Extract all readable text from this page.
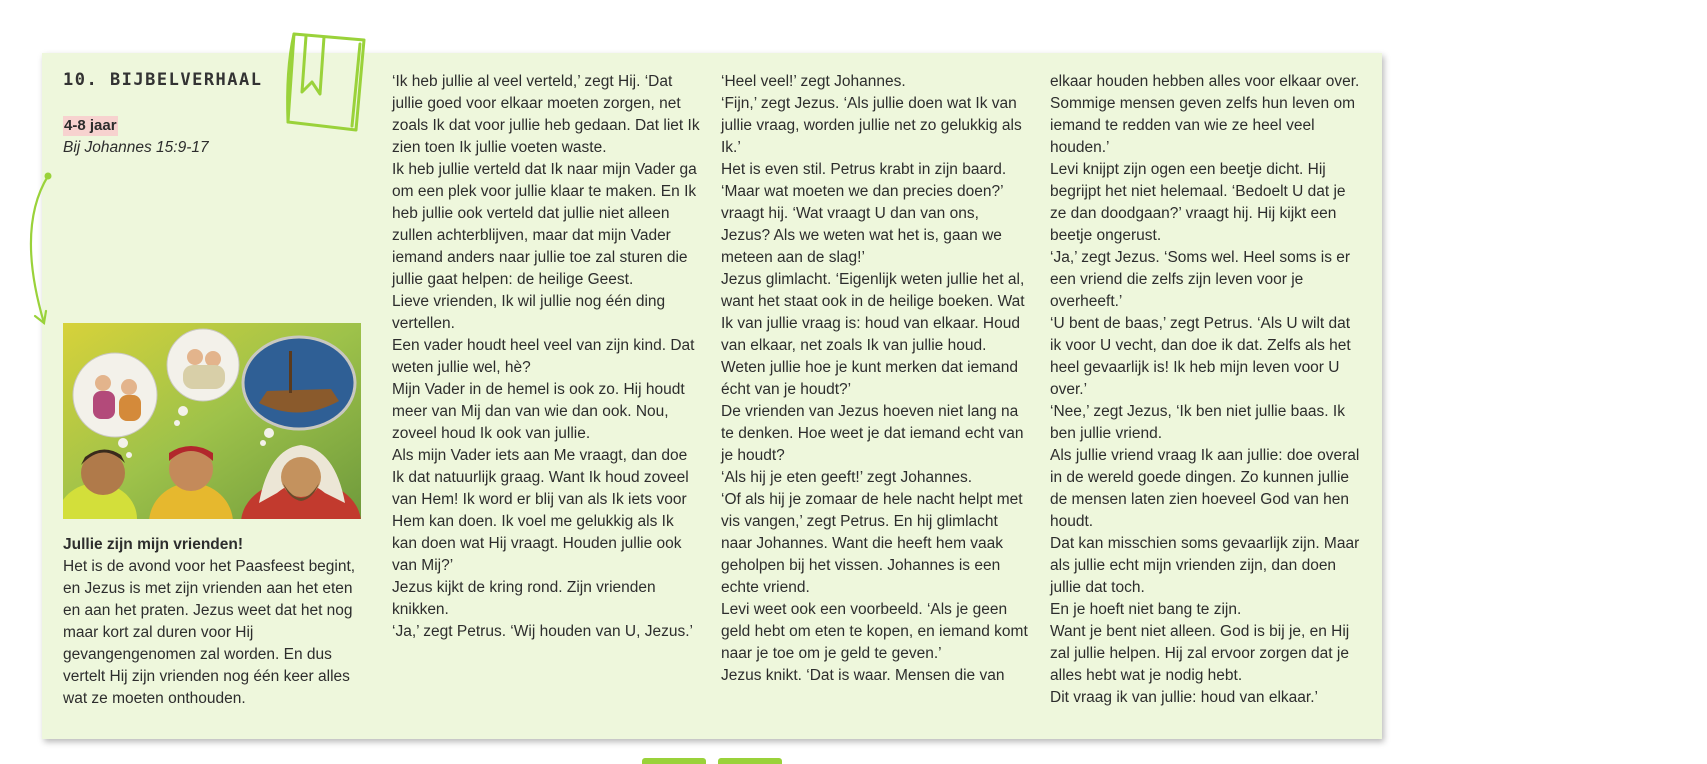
10. BIJBELVERHAAL
4-8 jaar
Bij Johannes 15:9-17

Jullie zijn mijn vrienden!

Het is de avond voor het Paasfeest begint, en Jezus is met zijn vrienden aan het eten en aan het praten. Jezus weet dat het nog maar kort zal duren voor Hij gevangengenomen zal worden. En dus vertelt Hij zijn vrienden nog één keer alles wat ze moeten onthouden.

‘Ik heb jullie al veel verteld,’ zegt Hij. ‘Dat jullie goed voor elkaar moeten zorgen, net zoals Ik dat voor jullie heb gedaan. Dat liet Ik zien toen Ik jullie voeten waste.

Ik heb jullie verteld dat Ik naar mijn Vader ga om een plek voor jullie klaar te maken. En Ik heb jullie ook verteld dat jullie niet alleen zullen achterblijven, maar dat mijn Vader iemand anders naar jullie toe zal sturen die jullie gaat helpen: de heilige Geest.

Lieve vrienden, Ik wil jullie nog één ding vertellen.

Een vader houdt heel veel van zijn kind. Dat weten jullie wel, hè?

Mijn Vader in de hemel is ook zo. Hij houdt meer van Mij dan van wie dan ook. Nou, zoveel houd Ik ook van jullie.

Als mijn Vader iets aan Me vraagt, dan doe Ik dat natuurlijk graag. Want Ik houd zoveel van Hem! Ik word er blij van als Ik iets voor Hem kan doen. Ik voel me gelukkig als Ik kan doen wat Hij vraagt. Houden jullie ook van Mij?’

Jezus kijkt de kring rond. Zijn vrienden knikken.

‘Ja,’ zegt Petrus. ‘Wij houden van U, Jezus.’

‘Heel veel!’ zegt Johannes.

‘Fijn,’ zegt Jezus. ‘Als jullie doen wat Ik van jullie vraag, worden jullie net zo gelukkig als Ik.’

Het is even stil. Petrus krabt in zijn baard. ‘Maar wat moeten we dan precies doen?’ vraagt hij. ‘Wat vraagt U dan van ons, Jezus? Als we weten wat het is, gaan we meteen aan de slag!’

Jezus glimlacht. ‘Eigenlijk weten jullie het al, want het staat ook in de heilige boeken. Wat Ik van jullie vraag is: houd van elkaar. Houd van elkaar, net zoals Ik van jullie houd.

Weten jullie hoe je kunt merken dat iemand écht van je houdt?’

De vrienden van Jezus hoeven niet lang na te denken. Hoe weet je dat iemand echt van je houdt?

‘Als hij je eten geeft!’ zegt Johannes.

‘Of als hij je zomaar de hele nacht helpt met vis vangen,’ zegt Petrus. En hij glimlacht naar Johannes. Want die heeft hem vaak geholpen bij het vissen. Johannes is een echte vriend.

Levi weet ook een voorbeeld. ‘Als je geen geld hebt om eten te kopen, en iemand komt naar je toe om je geld te geven.’

Jezus knikt. ‘Dat is waar. Mensen die van

elkaar houden hebben alles voor elkaar over. Sommige mensen geven zelfs hun leven om iemand te redden van wie ze heel veel houden.’

Levi knijpt zijn ogen een beetje dicht. Hij begrijpt het niet helemaal. ‘Bedoelt U dat je ze dan doodgaan?’ vraagt hij. Hij kijkt een beetje ongerust.

‘Ja,’ zegt Jezus. ‘Soms wel. Heel soms is er een vriend die zelfs zijn leven voor je overheeft.’

‘U bent de baas,’ zegt Petrus. ‘Als U wilt dat ik voor U vecht, dan doe ik dat. Zelfs als het heel gevaarlijk is! Ik heb mijn leven voor U over.’

‘Nee,’ zegt Jezus, ‘Ik ben niet jullie baas. Ik ben jullie vriend.

Als jullie vriend vraag Ik aan jullie: doe overal in de wereld goede dingen. Zo kunnen jullie de mensen laten zien hoeveel God van hen houdt.

Dat kan misschien soms gevaarlijk zijn. Maar als jullie echt mijn vrienden zijn, dan doen jullie dat toch.

En je hoeft niet bang te zijn.

Want je bent niet alleen. God is bij je, en Hij zal jullie helpen. Hij zal ervoor zorgen dat je alles hebt wat je nodig hebt.

Dit vraag ik van jullie: houd van elkaar.’
